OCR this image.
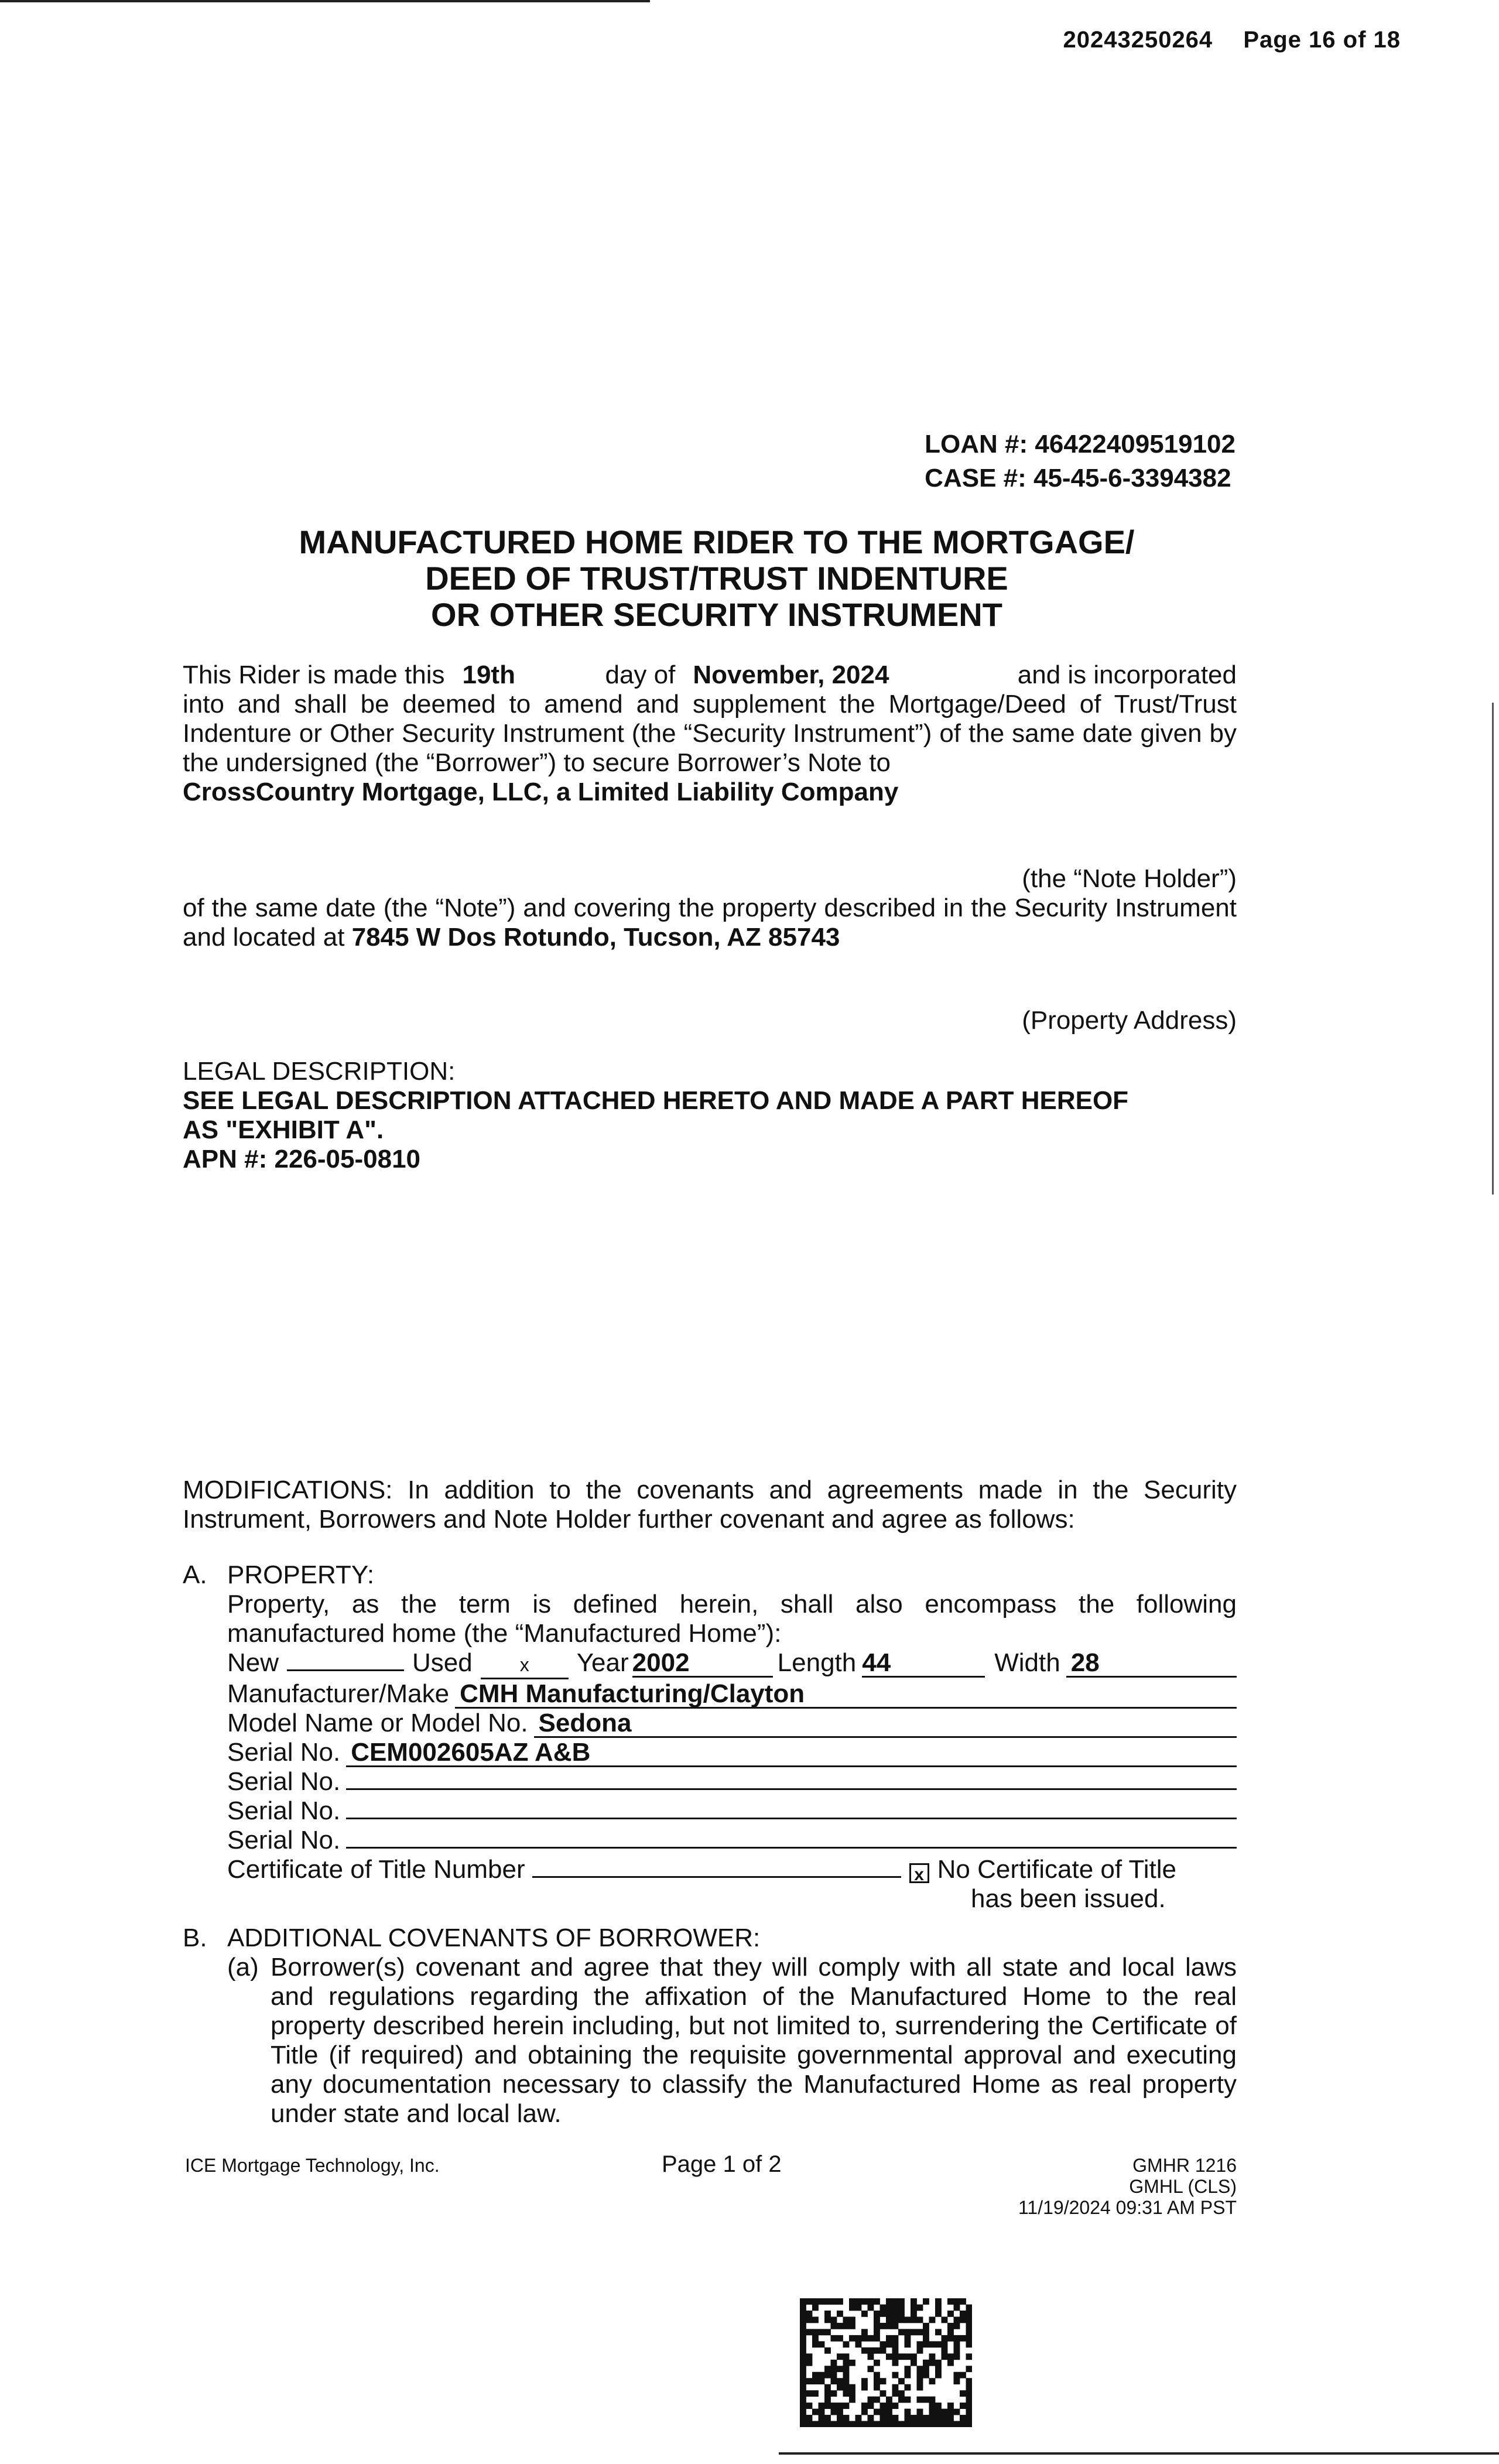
20243250264 Page 16 of 18
LOAN #: 46422409519102
CASE #: 45-45-6-3394382
MANUFACTURED HOME RIDER TO THE MORTGAGE/
DEED OF TRUST/TRUST INDENTURE
OR OTHER SECURITY INSTRUMENT
This Rider is made this 19th	day of November, 2024	and is incorporated

into and shall be deemed to amend and supplement the Mortgage/Deed of Trust/Trust Indenture or Other Security Instrument (the “Security Instrument”) of the same date given by the undersigned (the “Borrower”) to secure Borrower’s Note to

CrossCountry Mortgage, LLC, a Limited Liability Company

(the “Note Holder”)

of the same date (the “Note”) and covering the property described in the Security Instrument and located at 7845 W Dos Rotundo, Tucson, AZ 85743

(Property Address)

LEGAL DESCRIPTION:

SEE LEGAL DESCRIPTION ATTACHED HERETO AND MADE A PART HEREOF

AS "EXHIBIT A".

APN #: 226-05-0810

MODIFICATIONS: In addition to the covenants and agreements made in the Security Instrument, Borrowers and Note Holder further covenant and agree as follows:
A. PROPERTY:

Property, as the term is defined herein, shall also encompass the following manufactured home (the “Manufactured Home”):

New	Used	x	Year 2002	Length 44	Width 28
Manufacturer/Make CMH Manufacturing/Clayton
Model Name or Model No. Sedona
Serial No. CEM002605AZ A&B
Serial No.
Serial No.
Serial No.
Certificate of Title Number	x No Certificate of Title
has been issued.
B. ADDITIONAL COVENANTS OF BORROWER:
(a) Borrower(s) covenant and agree that they will comply with all state and local laws and regulations regarding the affixation of the Manufactured Home to the real property described herein including, but not limited to, surrendering the Certificate of Title (if required) and obtaining the requisite governmental approval and executing any documentation necessary to classify the Manufactured Home as real property under state and local law.

ICE Mortgage Technology, Inc.	Page 1 of 2	GMHR 1216
GMHL (CLS)
11/19/2024 09:31 AM PST
